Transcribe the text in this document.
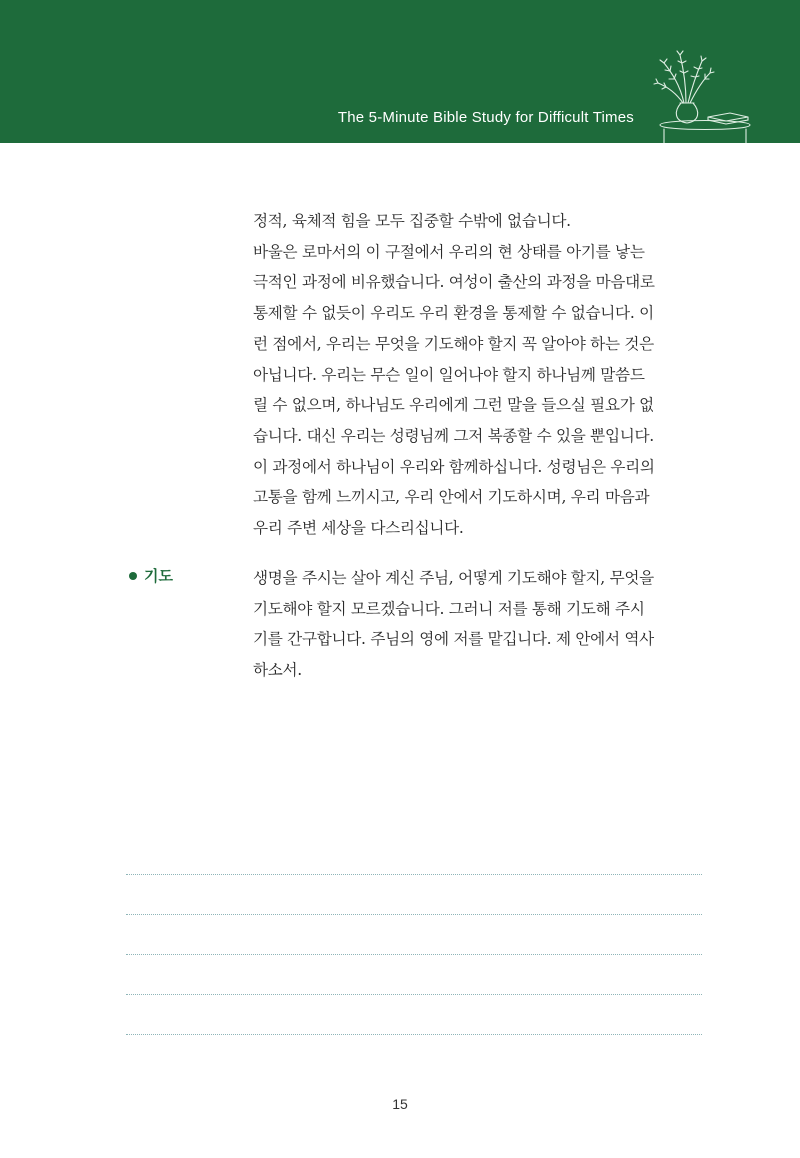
The 5-Minute Bible Study for Difficult Times

정적, 육체적 힘을 모두 집중할 수밖에 없습니다.

바울은 로마서의 이 구절에서 우리의 현 상태를 아기를 낳는

극적인 과정에 비유했습니다. 여성이 출산의 과정을 마음대로

통제할 수 없듯이 우리도 우리 환경을 통제할 수 없습니다. 이

런 점에서, 우리는 무엇을 기도해야 할지 꼭 알아야 하는 것은

아닙니다. 우리는 무슨 일이 일어나야 할지 하나님께 말씀드

릴 수 없으며, 하나님도 우리에게 그런 말을 들으실 필요가 없

습니다. 대신 우리는 성령님께 그저 복종할 수 있을 뿐입니다.

이 과정에서 하나님이 우리와 함께하십니다. 성령님은 우리의

고통을 함께 느끼시고, 우리 안에서 기도하시며, 우리 마음과

우리 주변 세상을 다스리십니다.

기도	생명을 주시는 살아 계신 주님, 어떻게 기도해야 할지, 무엇을

기도해야 할지 모르겠습니다. 그러니 저를 통해 기도해 주시

기를 간구합니다. 주님의 영에 저를 맡깁니다. 제 안에서 역사

하소서.

15
